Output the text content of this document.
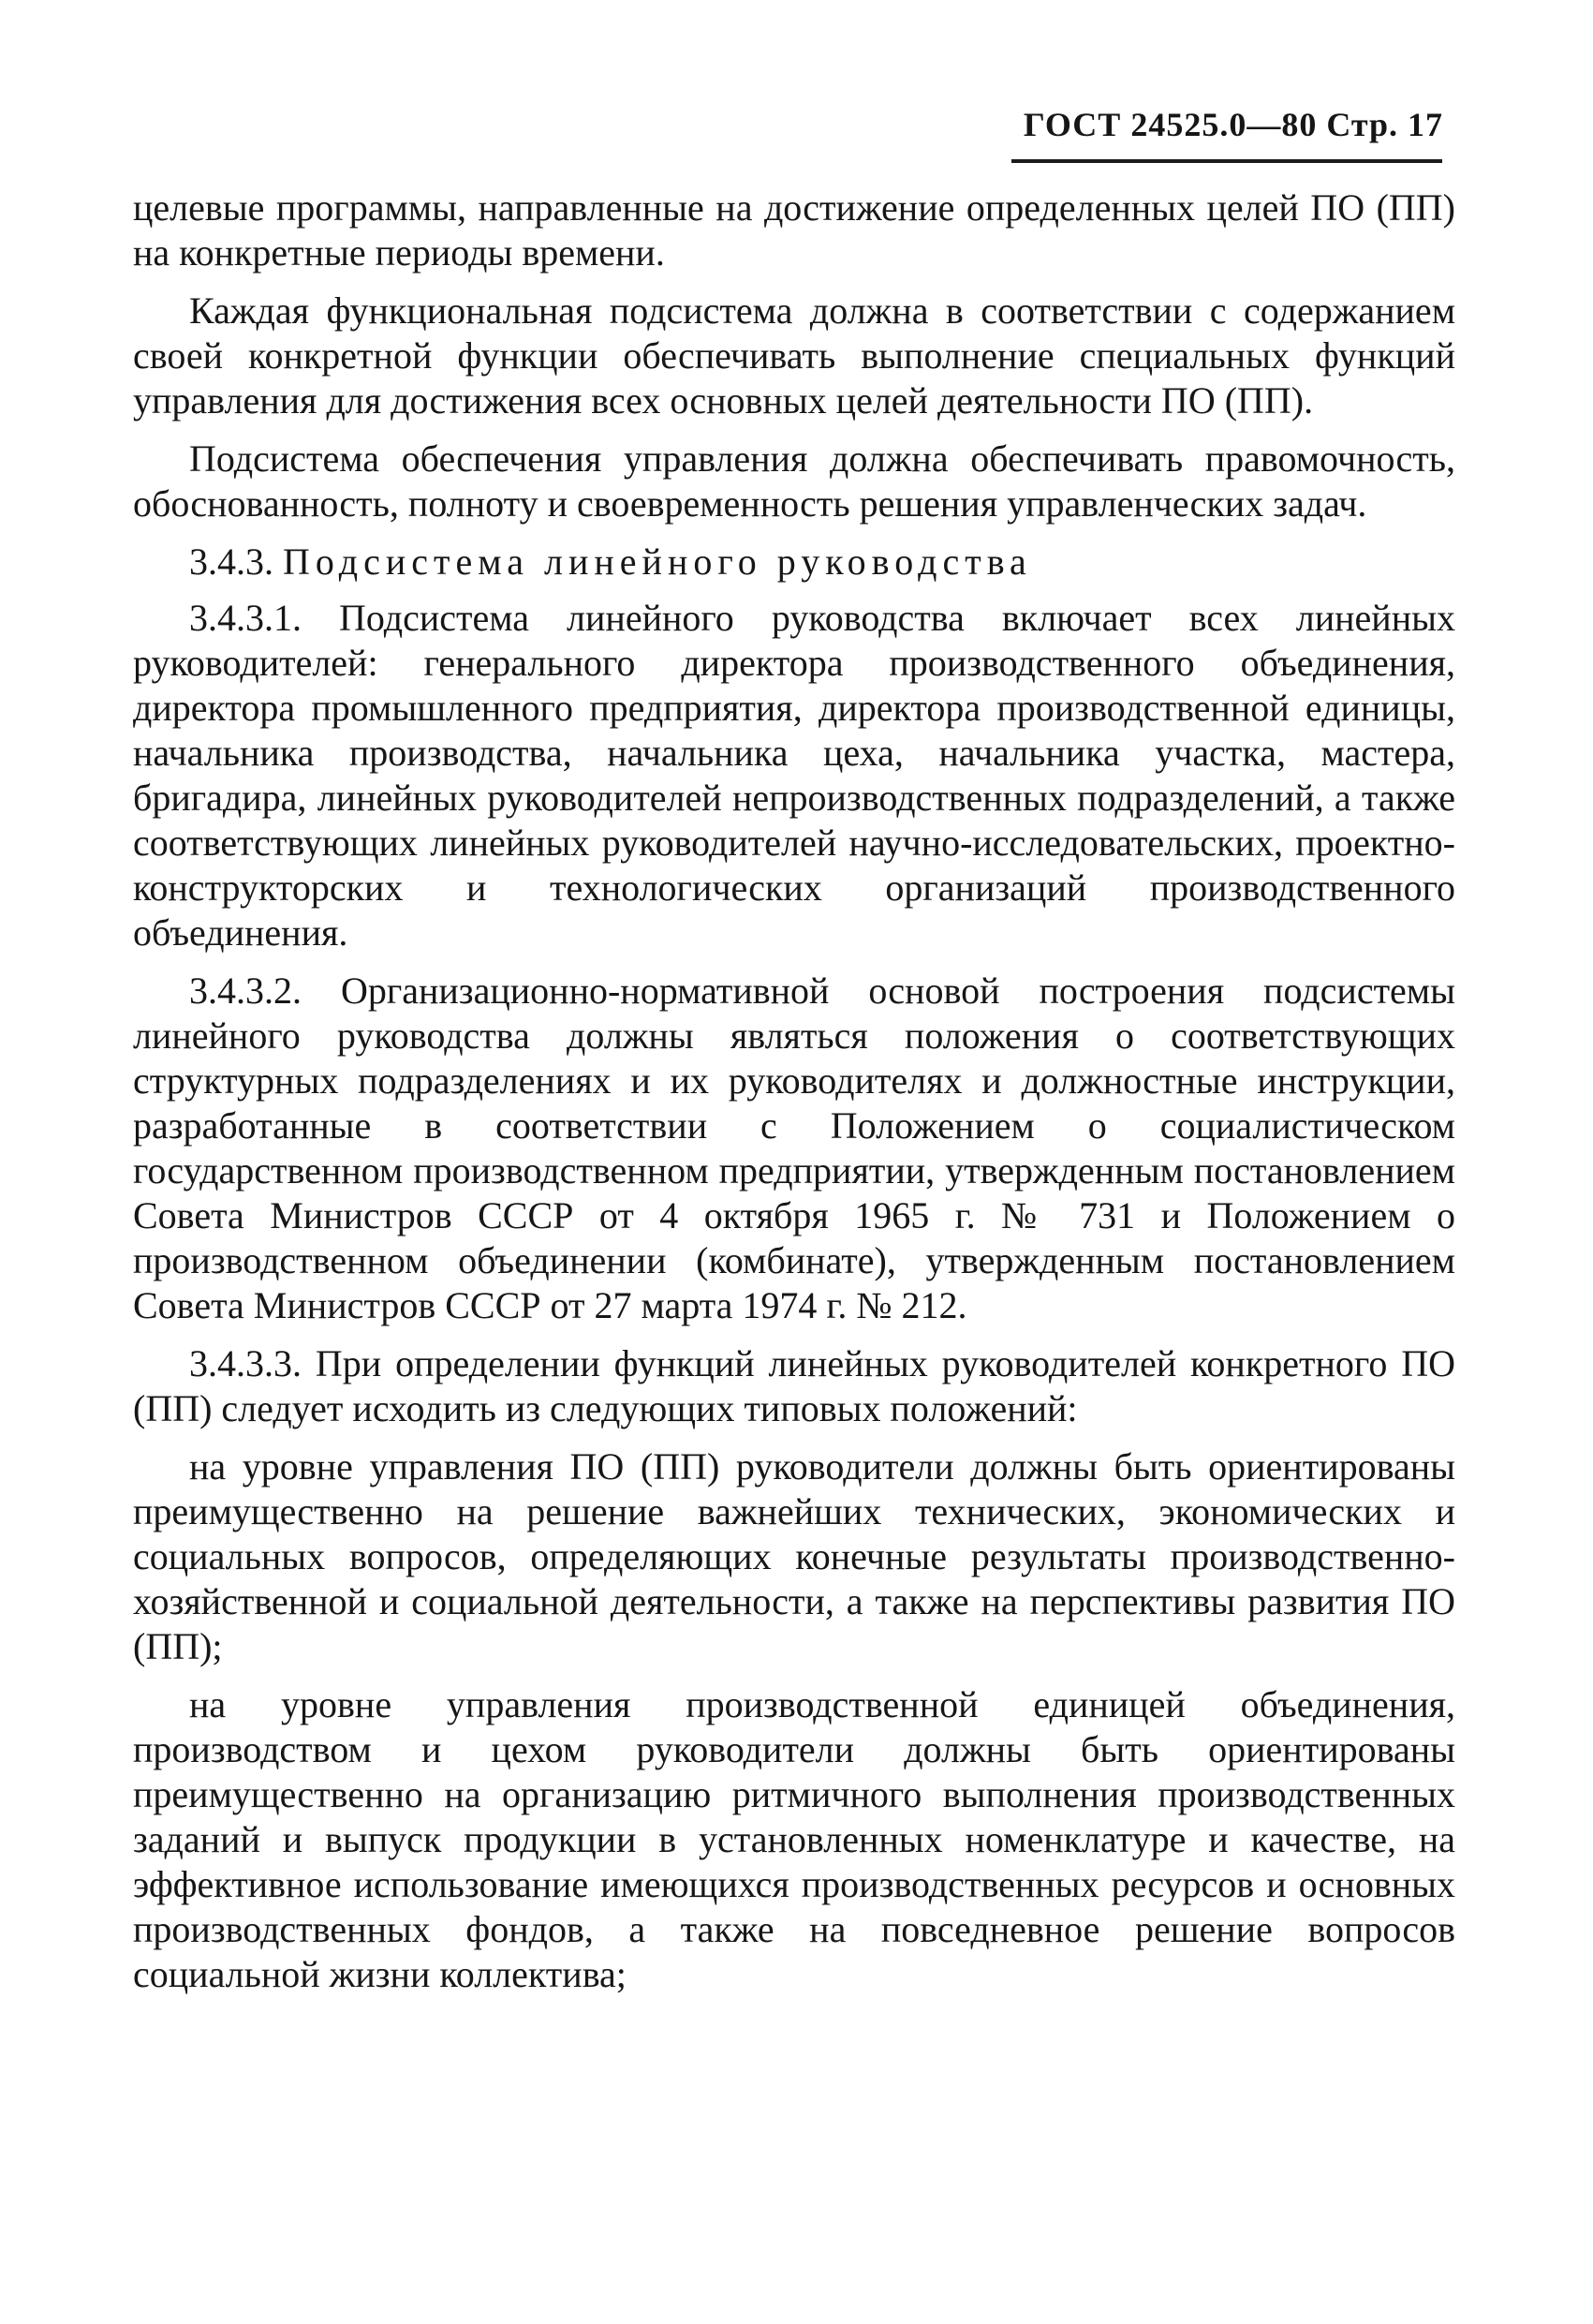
ГОСТ 24525.0—80 Стр. 17

целевые программы, направленные на достижение определенных целей ПО (ПП) на конкретные периоды времени.

Каждая функциональная подсистема должна в соответствии с содержанием своей конкретной функции обеспечивать выполнение специальных функций управления для достижения всех основных целей деятельности ПО (ПП).

Подсистема обеспечения управления должна обеспечивать правомочность, обоснованность, полноту и своевременность решения управленческих задач.

3.4.3. Подсистема линейного руководства

3.4.3.1. Подсистема линейного руководства включает всех линейных руководителей: генерального директора производственного объединения, директора промышленного предприятия, директора производственной единицы, начальника производства, начальника цеха, начальника участка, мастера, бригадира, линейных руководителей непроизводственных подразделений, а также соответствующих линейных руководителей научно-исследовательских, проектно-конструкторских и технологических организаций производственного объединения.

3.4.3.2. Организационно-нормативной основой построения подсистемы линейного руководства должны являться положения о соответствующих структурных подразделениях и их руководителях и должностные инструкции, разработанные в соответствии с Положением о социалистическом государственном производственном предприятии, утвержденным постановлением Совета Министров СССР от 4 октября 1965 г. № 731 и Положением о производственном объединении (комбинате), утвержденным постановлением Совета Министров СССР от 27 марта 1974 г. № 212.

3.4.3.3. При определении функций линейных руководителей конкретного ПО (ПП) следует исходить из следующих типовых положений:

на уровне управления ПО (ПП) руководители должны быть ориентированы преимущественно на решение важнейших технических, экономических и социальных вопросов, определяющих конечные результаты производственно-хозяйственной и социальной деятельности, а также на перспективы развития ПО (ПП);

на уровне управления производственной единицей объединения, производством и цехом руководители должны быть ориентированы преимущественно на организацию ритмичного выполнения производственных заданий и выпуск продукции в установленных номенклатуре и качестве, на эффективное использование имеющихся производственных ресурсов и основных производственных фондов, а также на повседневное решение вопросов социальной жизни коллектива;
